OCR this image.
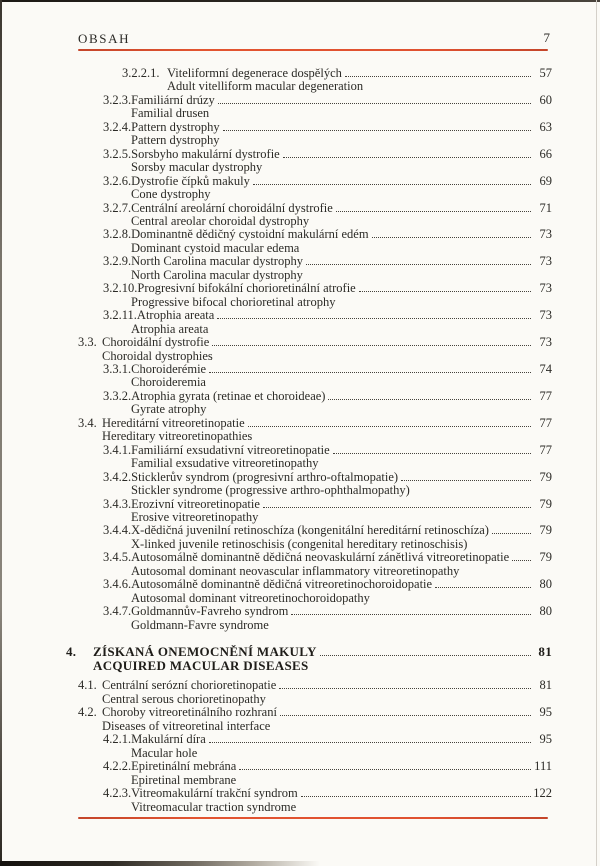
OBSAH	7
3.2.2.1. Viteliformní degenerace dospělých	57
Adult vitelliform macular degeneration
3.2.3. Familiární drúzy	60
Familial drusen
3.2.4. Pattern dystrophy	63
Pattern dystrophy
3.2.5. Sorsbyho makulární dystrofie	66
Sorsby macular dystrophy
3.2.6. Dystrofie čípků makuly	69
Cone dystrophy
3.2.7. Centrální areolární choroidální dystrofie	71
Central areolar choroidal dystrophy
3.2.8. Dominantně dědičný cystoidní makulární edém	73
Dominant cystoid macular edema
3.2.9. North Carolina macular dystrophy	73
North Carolina macular dystrophy
3.2.10. Progresivní bifokální chorioretinální atrofie	73
Progressive bifocal chorioretinal atrophy
3.2.11. Atrophia areata	73
Atrophia areata
3.3. Choroidální dystrofie	73
Choroidal dystrophies
3.3.1. Choroiderémie	74
Choroideremia
3.3.2. Atrophia gyrata (retinae et choroideae)	77
Gyrate atrophy
3.4. Hereditární vitreoretinopatie	77
Hereditary vitreoretinopathies
3.4.1. Familiární exsudativní vitreoretinopatie	77
Familial exsudative vitreoretinopathy
3.4.2. Sticklerův syndrom (progresivní arthro-oftalmopatie)	79
Stickler syndrome (progressive arthro-ophthalmopathy)
3.4.3. Erozivní vitreoretinopatie	79
Erosive vitreoretinopathy
3.4.4. X-dědičná juvenilní retinoschíza (kongenitální hereditární retinoschíza)	79
X-linked juvenile retinoschisis (congenital hereditary retinoschisis)
3.4.5. Autosomálně dominantně dědičná neovaskulární zánětlivá vitreoretinopatie	79
Autosomal dominant neovascular inflammatory vitreoretinopathy
3.4.6. Autosomálně dominantně dědičná vitreoretinochoroidopatie	80
Autosomal dominant vitreoretinochoroidopathy
3.4.7. Goldmannův-Favreho syndrom	80
Goldmann-Favre syndrome
4.	ZÍSKANÁ ONEMOCNĚNÍ MAKULY	81
ACQUIRED MACULAR DISEASES
4.1. Centrální serózní chorioretinopatie	81
Central serous chorioretinopathy
4.2. Choroby vitreoretinálního rozhraní	95
Diseases of vitreoretinal interface
4.2.1. Makulární díra	95
Macular hole
4.2.2. Epiretinální mebrána	111
Epiretinal membrane
4.2.3. Vitreomakulární trakční syndrom	122
Vitreomacular traction syndrome
